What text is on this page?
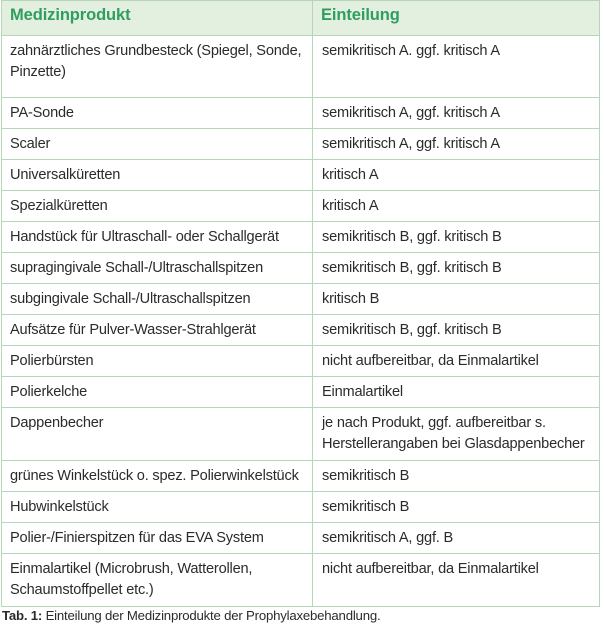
Medizinprodukt	Einteilung
zahnärztliches Grundbesteck (Spiegel, Sonde, Pinzette)	semikritisch A. ggf. kritisch A
PA-Sonde	semikritisch A, ggf. kritisch A
Scaler	semikritisch A, ggf. kritisch A
Universalküretten	kritisch A
Spezialküretten	kritisch A
Handstück für Ultraschall- oder Schallgerät	semikritisch B, ggf. kritisch B
supragingivale Schall-/Ultraschallspitzen	semikritisch B, ggf. kritisch B
subgingivale Schall-/Ultraschallspitzen	kritisch B
Aufsätze für Pulver-Wasser-Strahlgerät	semikritisch B, ggf. kritisch B
Polierbürsten	nicht aufbereitbar, da Einmalartikel
Polierkelche	Einmalartikel
Dappenbecher	je nach Produkt, ggf. aufbereitbar s. Herstellerangaben bei Glasdappenbecher
grünes Winkelstück o. spez. Polierwinkelstück	semikritisch B
Hubwinkelstück	semikritisch B
Polier-/Finierspitzen für das EVA System	semikritisch A, ggf. B
Einmalartikel (Microbrush, Watterollen, Schaumstoffpellet etc.)	nicht aufbereitbar, da Einmalartikel
Tab. 1: Einteilung der Medizinprodukte der Prophylaxebehandlung.
